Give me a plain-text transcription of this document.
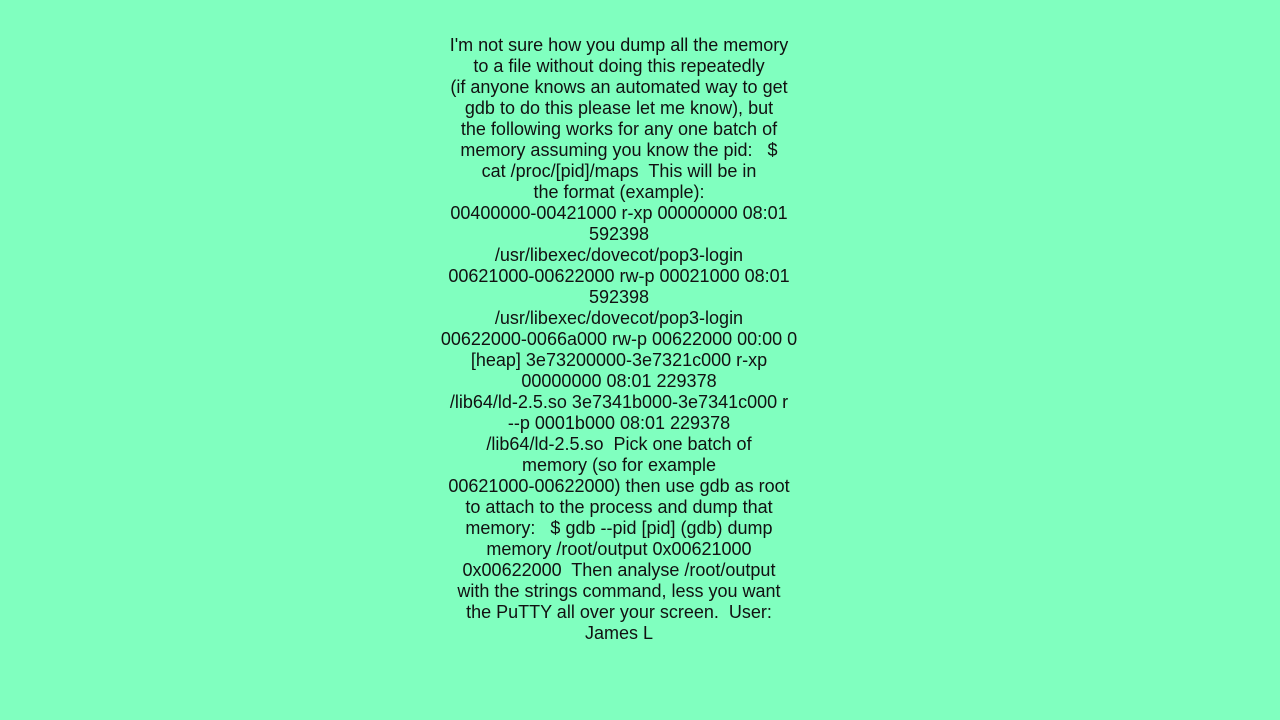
I'm not sure how you dump all the memory
to a file without doing this repeatedly
(if anyone knows an automated way to get
gdb to do this please let me know), but
the following works for any one batch of
memory assuming you know the pid:   $
cat /proc/[pid]/maps  This will be in
the format (example):
00400000-00421000 r-xp 00000000 08:01
592398
/usr/libexec/dovecot/pop3-login
00621000-00622000 rw-p 00021000 08:01
592398
/usr/libexec/dovecot/pop3-login
00622000-0066a000 rw-p 00622000 00:00 0
[heap] 3e73200000-3e7321c000 r-xp
00000000 08:01 229378
/lib64/ld-2.5.so 3e7341b000-3e7341c000 r
--p 0001b000 08:01 229378
/lib64/ld-2.5.so  Pick one batch of
memory (so for example
00621000-00622000) then use gdb as root
to attach to the process and dump that
memory:   $ gdb --pid [pid] (gdb) dump
memory /root/output 0x00621000
0x00622000  Then analyse /root/output
with the strings command, less you want
the PuTTY all over your screen.  User:
James L
